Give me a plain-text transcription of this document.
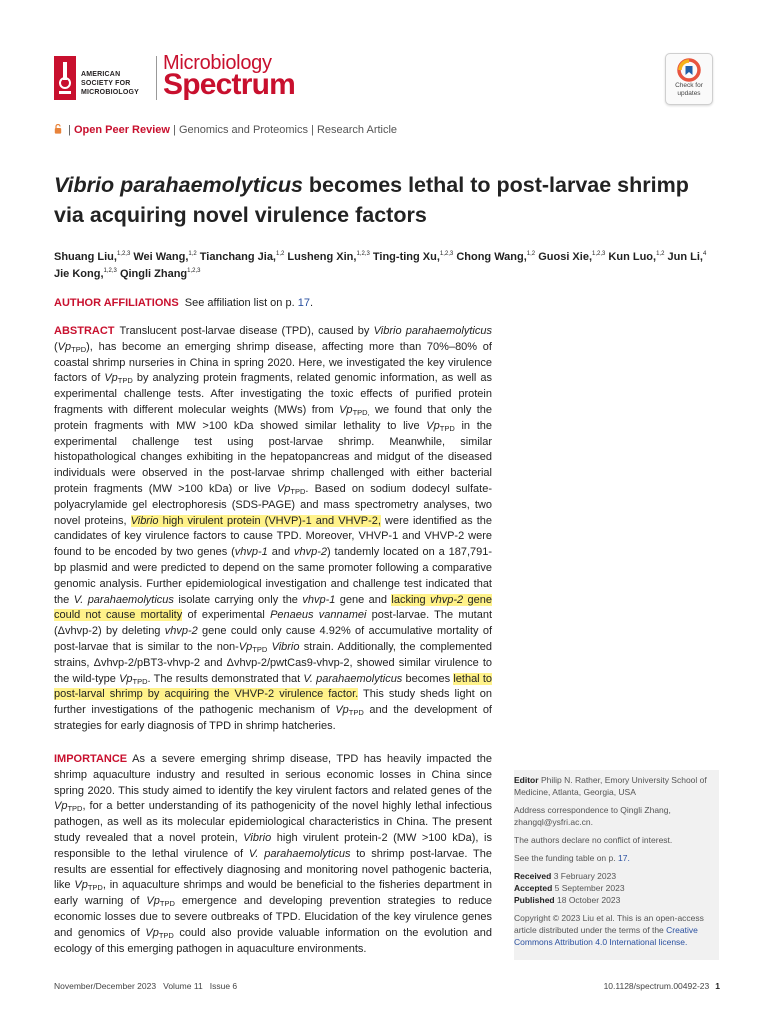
AMERICAN
SOCIETY FOR
MICROBIOLOGY
Microbiology
Spectrum	Check for
updates
| Open Peer Review | Genomics and Proteomics | Research Article
Vibrio parahaemolyticus becomes lethal to post-larvae shrimp via acquiring novel virulence factors
Shuang Liu,$^{1,2,3}$ Wei Wang,$^{1,2}$ Tianchang Jia,$^{1,2}$ Lusheng Xin,$^{1,2,3}$ Ting-ting Xu,$^{1,2,3}$ Chong Wang,$^{1,2}$ Guosi Xie,$^{1,2,3}$ Kun Luo,$^{1,2}$ Jun Li,$^4$ Jie Kong,$^{1,2,3}$ Qingli Zhang$^{1,2,3}$
AUTHOR AFFILIATIONS See affiliation list on p. 17.
ABSTRACT Translucent post-larvae disease (TPD), caused by Vibrio parahaemolyticus $(Vp_{TPD})$, has become an emerging shrimp disease, affecting more than 70%–80% of coastal shrimp nurseries in China in spring 2020. Here, we investigated the key virulence factors of $Vp_{TPD}$ by analyzing protein fragments, related genomic information, as well as experimental challenge tests. After investigating the toxic effects of purified protein fragments with different molecular weights (MWs) from $Vp_{TPD,}$ we found that only the protein fragments with MW >100 kDa showed similar lethality to live $Vp_{TPD}$ in the experimental challenge test using post-larvae shrimp. Meanwhile, similar histopathological changes exhibiting in the hepatopancreas and midgut of the diseased individuals were observed in the post-larvae shrimp challenged with either bacterial protein fragments (MW >100 kDa) or live $Vp_{TPD}$. Based on sodium dodecyl sulfate-polyacrylamide gel electrophoresis (SDS-PAGE) and mass spectrometry analyses, two novel proteins, Vibrio high virulent protein (VHVP)-1 and VHVP-2, were identified as the candidates of key virulence factors to cause TPD. Moreover, VHVP-1 and VHVP-2 were found to be encoded by two genes (vhvp-1 and vhvp-2) tandemly located on a 187,791-bp plasmid and were predicted to depend on the same promoter following a comparative genomic analysis. Further epidemiological investigation and challenge test indicated that the V. parahaemolyticus isolate carrying only the vhvp-1 gene and lacking vhvp-2 gene could not cause mortality of experimental Penaeus vannamei post-larvae. The mutant (Δvhvp-2) by deleting vhvp-2 gene could only cause 4.92% of accumulative mortality of post-larvae that is similar to the non-$Vp_{TPD}$ Vibrio strain. Additionally, the complemented strains, Δvhvp-2/pBT3-vhvp-2 and Δvhvp-2/pwtCas9-vhvp-2, showed similar virulence to the wild-type $Vp_{TPD}$. The results demonstrated that V. parahaemolyticus becomes lethal to post-larval shrimp by acquiring the VHVP-2 virulence factor. This study sheds light on further investigations of the pathogenic mechanism of $Vp_{TPD}$ and the development of strategies for early diagnosis of TPD in shrimp hatcheries.
IMPORTANCE As a severe emerging shrimp disease, TPD has heavily impacted the shrimp aquaculture industry and resulted in serious economic losses in China since spring 2020. This study aimed to identify the key virulent factors and related genes of the $Vp_{TPD}$, for a better understanding of its pathogenicity of the novel highly lethal infectious pathogen, as well as its molecular epidemiological characteristics in China. The present study revealed that a novel protein, Vibrio high virulent protein-2 (MW >100 kDa), is responsible to the lethal virulence of V. parahaemolyticus to shrimp post-larvae. The results are essential for effectively diagnosing and monitoring novel pathogenic bacteria, like $Vp_{TPD}$, in aquaculture shrimps and would be beneficial to the fisheries department in early warning of $Vp_{TPD}$ emergence and developing prevention strategies to reduce economic losses due to severe outbreaks of TPD. Elucidation of the key virulence genes and genomics of $Vp_{TPD}$ could also provide valuable information on the evolution and ecology of this emerging pathogen in aquaculture environments.
Editor Philip N. Rather, Emory University School of Medicine, Atlanta, Georgia, USA
Address correspondence to Qingli Zhang, zhangql@ysfri.ac.cn.
The authors declare no conflict of interest.
See the funding table on p. 17.
Received 3 February 2023
Accepted 5 September 2023
Published 18 October 2023
Copyright © 2023 Liu et al. This is an open-access article distributed under the terms of the Creative Commons Attribution 4.0 International license.
November/December 2023   Volume 11   Issue 6	10.1128/spectrum.00492-23 1
